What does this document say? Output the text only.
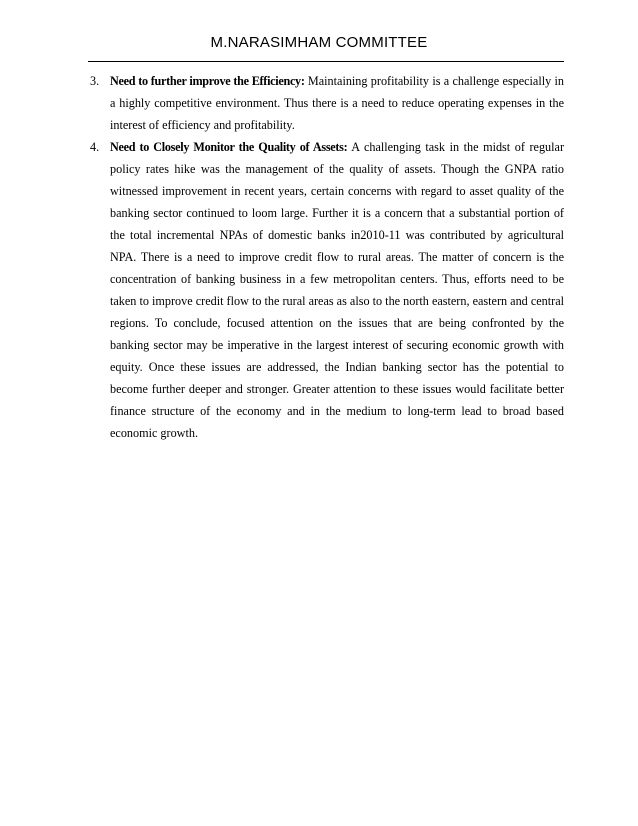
M.NARASIMHAM COMMITTEE
3. Need to further improve the Efficiency: Maintaining profitability is a challenge especially in a highly competitive environment. Thus there is a need to reduce operating expenses in the interest of efficiency and profitability.
4. Need to Closely Monitor the Quality of Assets: A challenging task in the midst of regular policy rates hike was the management of the quality of assets. Though the GNPA ratio witnessed improvement in recent years, certain concerns with regard to asset quality of the banking sector continued to loom large. Further it is a concern that a substantial portion of the total incremental NPAs of domestic banks in2010-11 was contributed by agricultural NPA. There is a need to improve credit flow to rural areas. The matter of concern is the concentration of banking business in a few metropolitan centers. Thus, efforts need to be taken to improve credit flow to the rural areas as also to the north eastern, eastern and central regions. To conclude, focused attention on the issues that are being confronted by the banking sector may be imperative in the largest interest of securing economic growth with equity. Once these issues are addressed, the Indian banking sector has the potential to become further deeper and stronger. Greater attention to these issues would facilitate better finance structure of the economy and in the medium to long-term lead to broad based economic growth.
